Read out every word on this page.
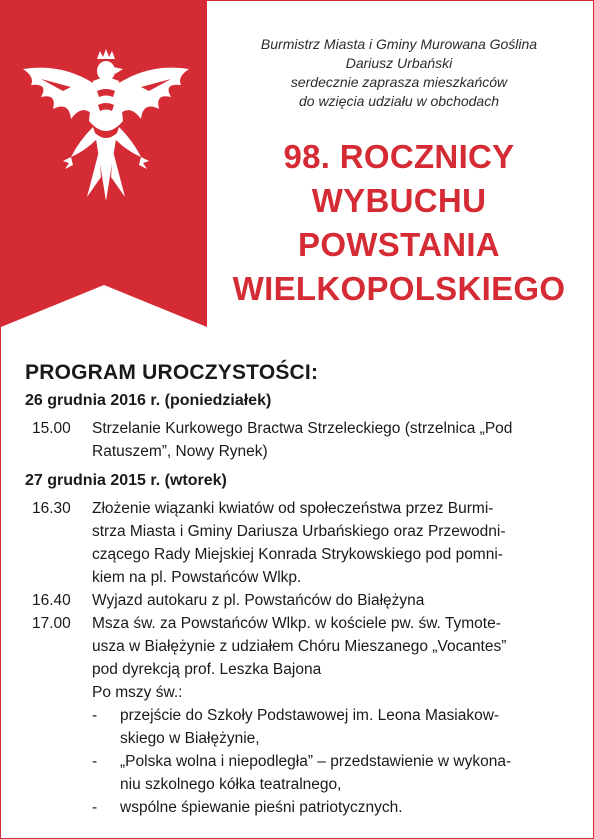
Burmistrz Miasta i Gminy Murowana Goślina
Dariusz Urbański
serdecznie zaprasza mieszkańców
do wzięcia udziału w obchodach
98. ROCZNICY
WYBUCHU
POWSTANIA
WIELKOPOLSKIEGO
PROGRAM UROCZYSTOŚCI:
26 grudnia 2016 r. (poniedziałek)
15.00	Strzelanie Kurkowego Bractwa Strzeleckiego (strzelnica „Pod
Ratuszem”, Nowy Rynek)
27 grudnia 2015 r. (wtorek)
16.30	Złożenie wiązanki kwiatów od społeczeństwa przez Burmi-
strza Miasta i Gminy Dariusza Urbańskiego oraz Przewodni-
czącego Rady Miejskiej Konrada Strykowskiego pod pomni-
kiem na pl. Powstańców Wlkp.
16.40	Wyjazd autokaru z pl. Powstańców do Białężyna
17.00	Msza św. za Powstańców Wlkp. w kościele pw. św. Tymote-
usza w Białężynie z udziałem Chóru Mieszanego „Vocantes”
pod dyrekcją prof. Leszka Bajona
Po mszy św.:
-	przejście do Szkoły Podstawowej im. Leona Masiakow-
skiego w Białężynie,
-	„Polska wolna i niepodległa” – przedstawienie w wykona-
niu szkolnego kółka teatralnego,
-	wspólne śpiewanie pieśni patriotycznych.
